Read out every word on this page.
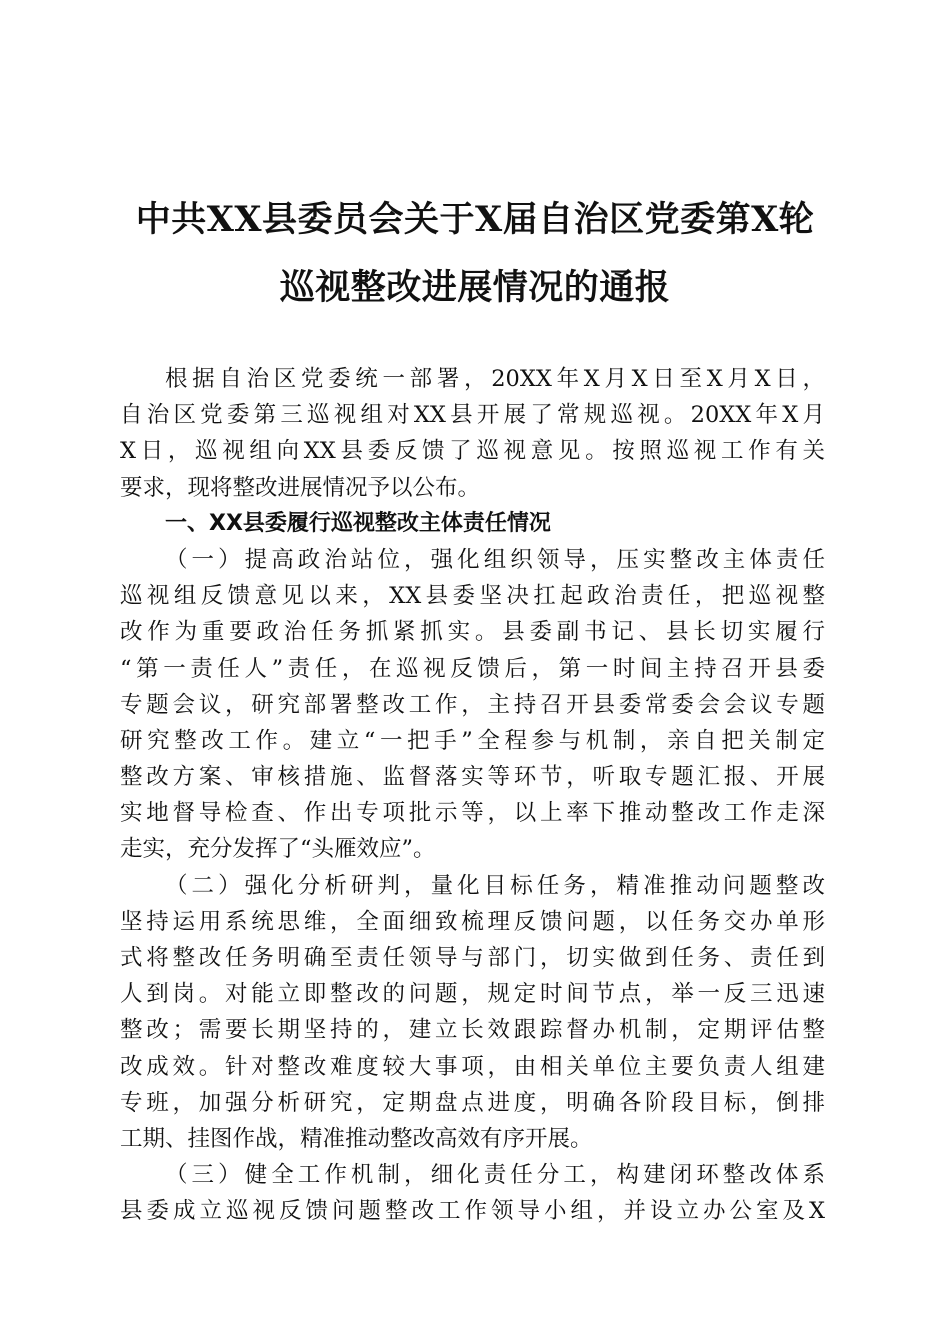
中共XX县委员会关于X届自治区党委第X轮
巡视整改进展情况的通报
根据自治区党委统一部署，20XX年X月X日至X月X日，
自治区党委第三巡视组对XX县开展了常规巡视。20XX年X月
X日，巡视组向XX县委反馈了巡视意见。按照巡视工作有关
要求，现将整改进展情况予以公布。
一、XX县委履行巡视整改主体责任情况
（一）提高政治站位，强化组织领导，压实整改主体责任
巡视组反馈意见以来，XX县委坚决扛起政治责任，把巡视整
改作为重要政治任务抓紧抓实。县委副书记、县长切实履行
“第一责任人”责任，在巡视反馈后，第一时间主持召开县委
专题会议，研究部署整改工作，主持召开县委常委会会议专题
研究整改工作。建立“一把手”全程参与机制，亲自把关制定
整改方案、审核措施、监督落实等环节，听取专题汇报、开展
实地督导检查、作出专项批示等，以上率下推动整改工作走深
走实，充分发挥了“头雁效应”。
（二）强化分析研判，量化目标任务，精准推动问题整改
坚持运用系统思维，全面细致梳理反馈问题，以任务交办单形
式将整改任务明确至责任领导与部门，切实做到任务、责任到
人到岗。对能立即整改的问题，规定时间节点，举一反三迅速
整改；需要长期坚持的，建立长效跟踪督办机制，定期评估整
改成效。针对整改难度较大事项，由相关单位主要负责人组建
专班，加强分析研究，定期盘点进度，明确各阶段目标，倒排
工期、挂图作战，精准推动整改高效有序开展。
（三）健全工作机制，细化责任分工，构建闭环整改体系
县委成立巡视反馈问题整改工作领导小组，并设立办公室及X
